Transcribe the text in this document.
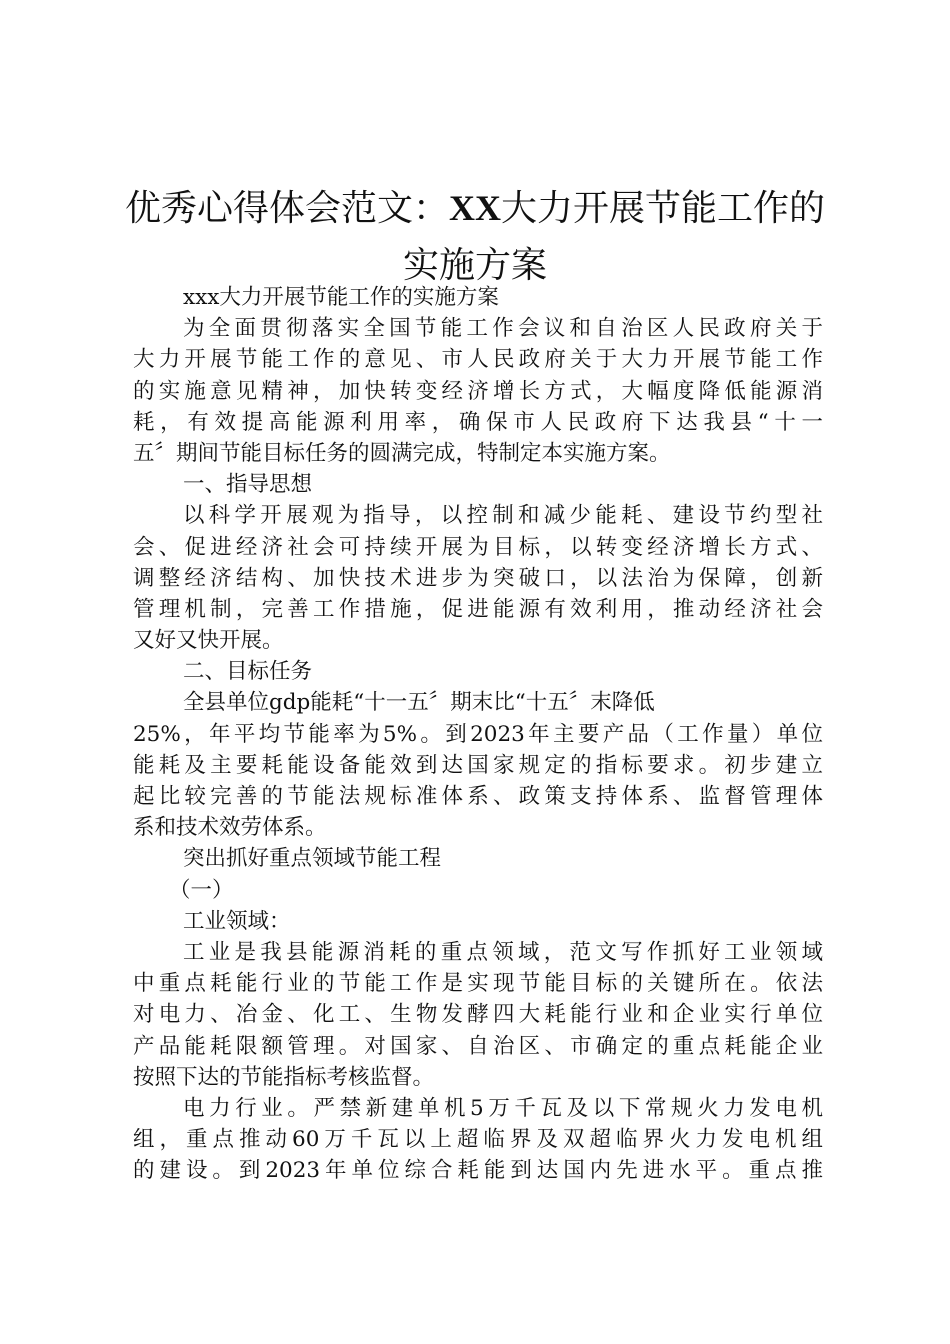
优秀心得体会范文：XX大力开展节能工作的
实施方案
xxx大力开展节能工作的实施方案
为全面贯彻落实全国节能工作会议和自治区人民政府关于
大力开展节能工作的意见、市人民政府关于大力开展节能工作
的实施意见精神，加快转变经济增长方式，大幅度降低能源消
耗，有效提高能源利用率，确保市人民政府下达我县“十一
五〞期间节能目标任务的圆满完成，特制定本实施方案。
一、指导思想
以科学开展观为指导，以控制和减少能耗、建设节约型社
会、促进经济社会可持续开展为目标，以转变经济增长方式、
调整经济结构、加快技术进步为突破口，以法治为保障，创新
管理机制，完善工作措施，促进能源有效利用，推动经济社会
又好又快开展。
二、目标任务
全县单位gdp能耗“十一五〞期末比“十五〞末降低
25%，年平均节能率为5%。到2023年主要产品（工作量）单位
能耗及主要耗能设备能效到达国家规定的指标要求。初步建立
起比较完善的节能法规标准体系、政策支持体系、监督管理体
系和技术效劳体系。
突出抓好重点领域节能工程
（一）
工业领域：
工业是我县能源消耗的重点领域，范文写作抓好工业领域
中重点耗能行业的节能工作是实现节能目标的关键所在。依法
对电力、冶金、化工、生物发酵四大耗能行业和企业实行单位
产品能耗限额管理。对国家、自治区、市确定的重点耗能企业
按照下达的节能指标考核监督。
电力行业。严禁新建单机5万千瓦及以下常规火力发电机
组，重点推动60万千瓦以上超临界及双超临界火力发电机组
的建设。到2023年单位综合耗能到达国内先进水平。重点推
